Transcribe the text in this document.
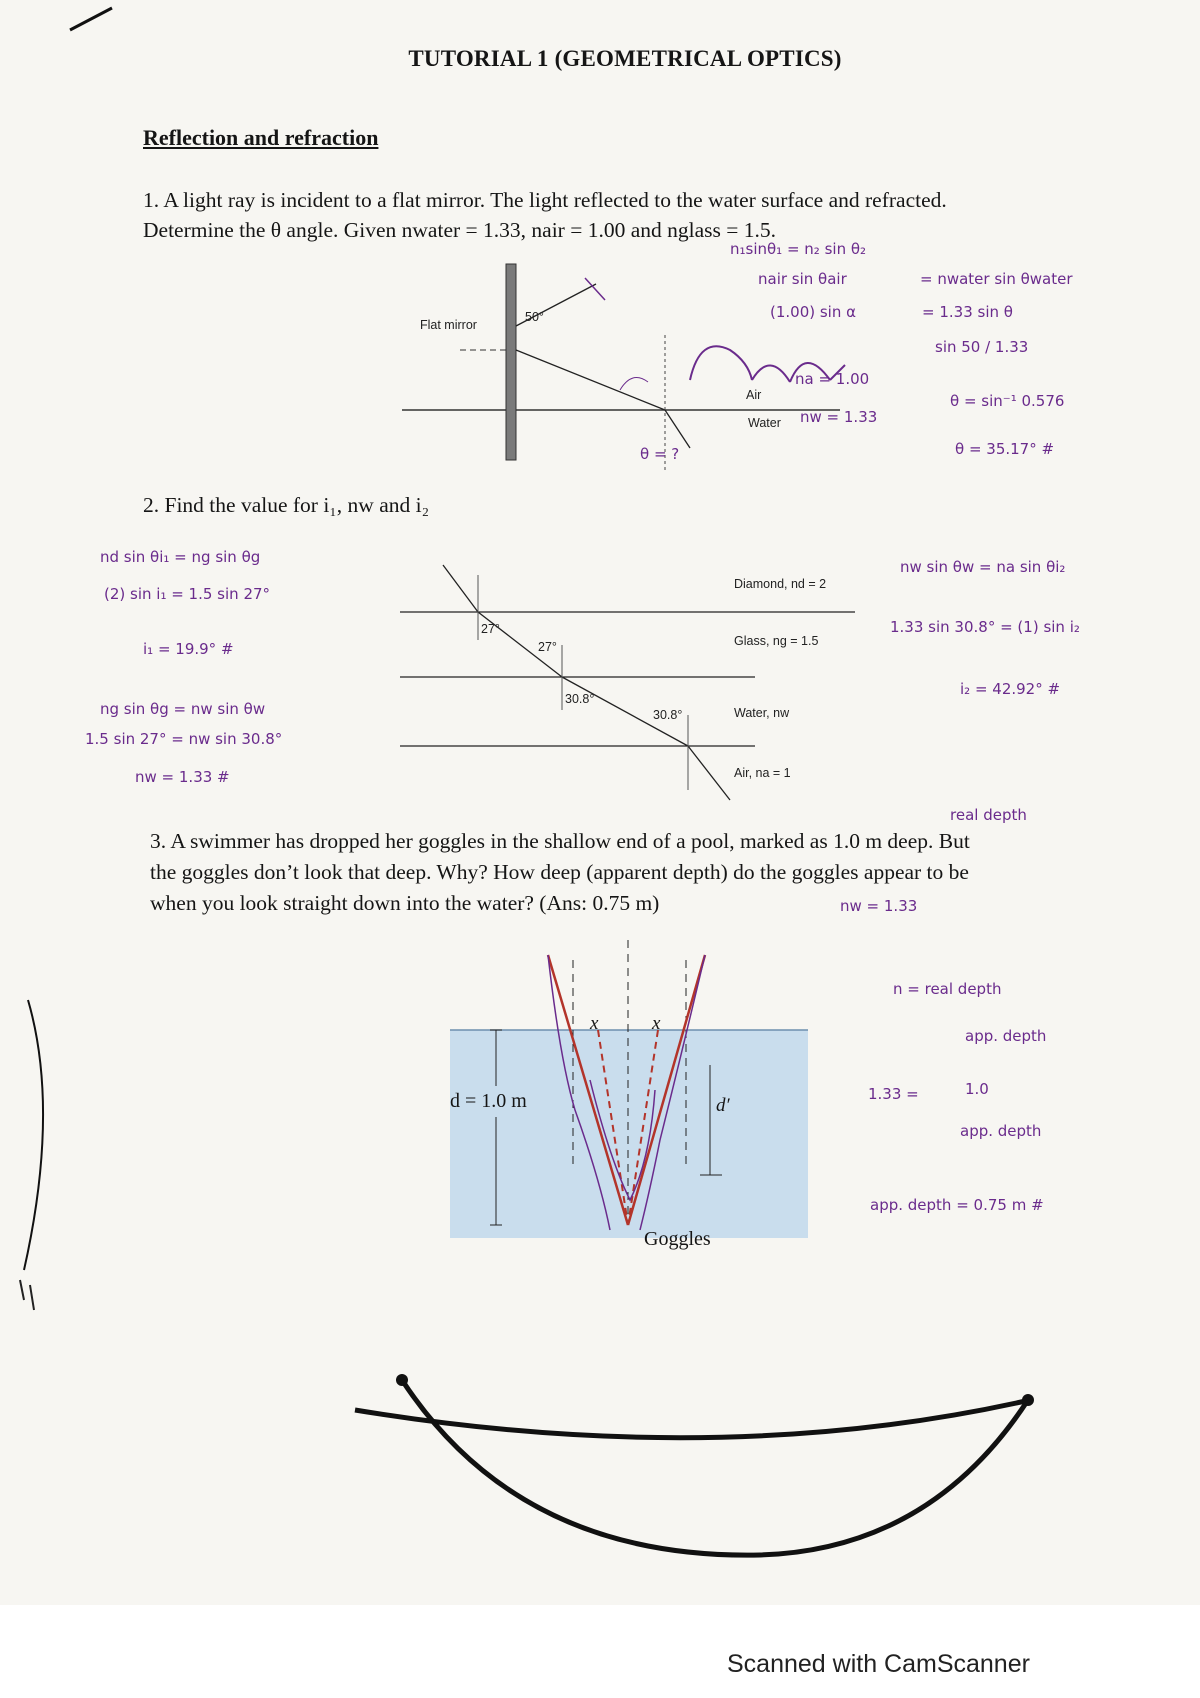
TUTORIAL 1 (GEOMETRICAL OPTICS)
Reflection and refraction
1. A light ray is incident to a flat mirror. The light reflected to the water surface and refracted.
Determine the θ angle. Given nwater = 1.33, nair = 1.00 and nglass = 1.5.
Flat mirror
50°
Air
Water
n₁sinθ₁ = n₂ sin θ₂
nair sin θair	= nwater sin θwater
(1.00) sin α	= 1.33 sin θ
sin 50 / 1.33
na = 1.00
nw = 1.33
θ = sin⁻¹ 0.576
θ = 35.17° #
θ = ?
2. Find the value for i₁, nw and i₂
27°
27°
30.8°
30.8°
Diamond, nd = 2
Glass, ng = 1.5
Water, nw
Air, na = 1
nd sin θi₁ = ng sin θg
(2) sin i₁ = 1.5 sin 27°
i₁ = 19.9° #
ng sin θg = nw sin θw
1.5 sin 27° = nw sin 30.8°
nw = 1.33 #
nw sin θw = na sin θi₂
1.33 sin 30.8° = (1) sin i₂
i₂ = 42.92° #
real depth
3. A swimmer has dropped her goggles in the shallow end of a pool, marked as 1.0 m deep. But
the goggles don’t look that deep. Why? How deep (apparent depth) do the goggles appear to be
when you look straight down into the water? (Ans: 0.75 m)	nw = 1.33
d = 1.0 m
x	x
d′
Goggles
n = real depth
app. depth
1.33 =	1.0
app. depth
app. depth = 0.75 m #
Scanned with CamScanner
